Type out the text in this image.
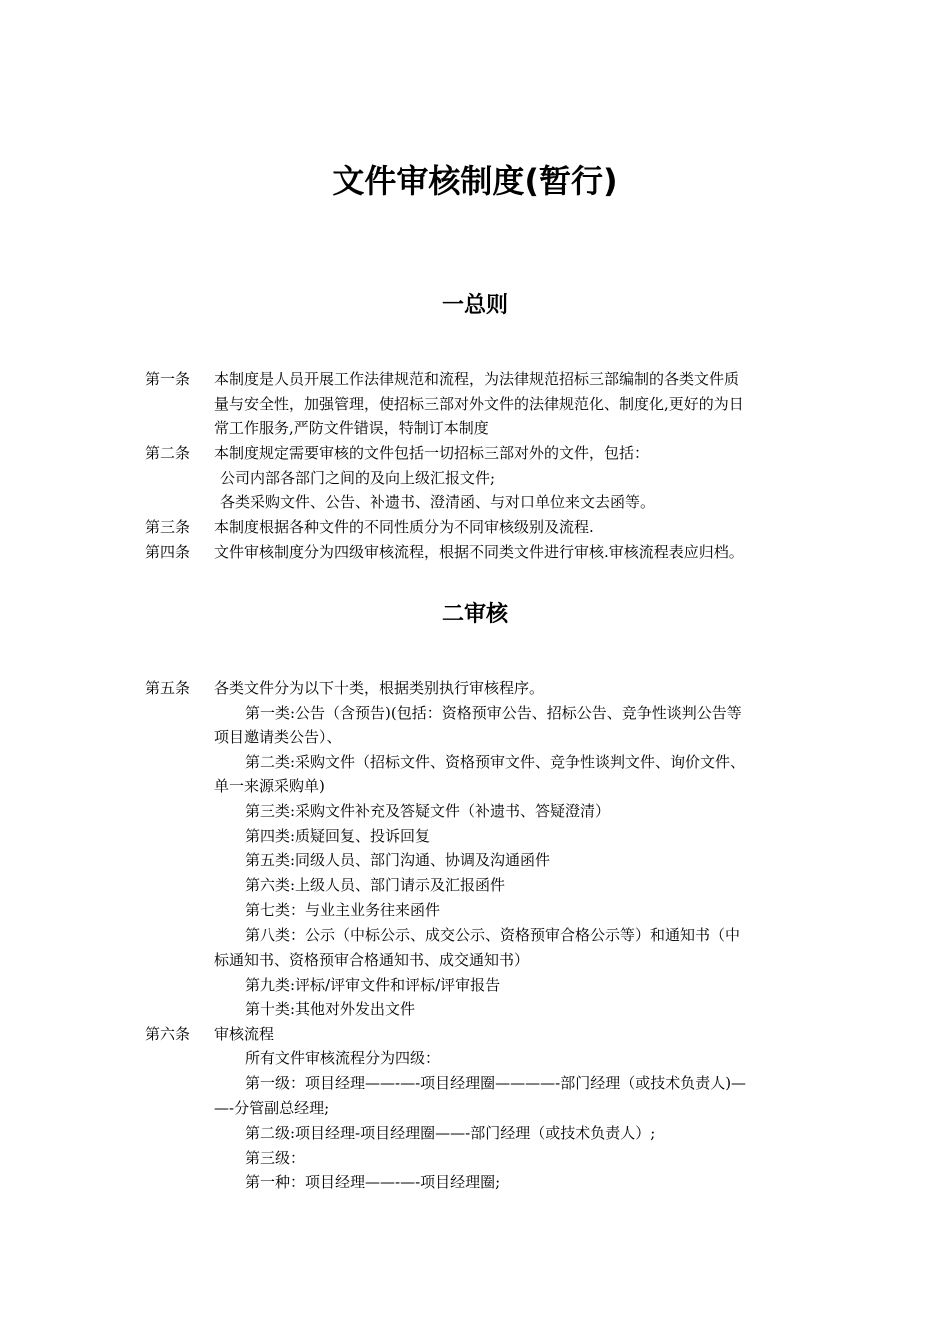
文件审核制度(暂行)
一总则
第一条 本制度是人员开展工作法律规范和流程，为法律规范招标三部编制的各类文件质
量与安全性，加强管理，使招标三部对外文件的法律规范化、制度化,更好的为日
常工作服务,严防文件错误，特制订本制度
第二条 本制度规定需要审核的文件包括一切招标三部对外的文件，包括：
公司内部各部门之间的及向上级汇报文件;
各类采购文件、公告、补遗书、澄清函、与对口单位来文去函等。
第三条 本制度根据各种文件的不同性质分为不同审核级别及流程.
第四条 文件审核制度分为四级审核流程，根据不同类文件进行审核.审核流程表应归档。
二审核
第五条 各类文件分为以下十类，根据类别执行审核程序。
第一类:公告（含预告)(包括：资格预审公告、招标公告、竞争性谈判公告等
项目邀请类公告）、
第二类:采购文件（招标文件、资格预审文件、竞争性谈判文件、询价文件、
单一来源采购单)
第三类:采购文件补充及答疑文件（补遗书、答疑澄清）
第四类:质疑回复、投诉回复
第五类:同级人员、部门沟通、协调及沟通函件
第六类:上级人员、部门请示及汇报函件
第七类：与业主业务往来函件
第八类：公示（中标公示、成交公示、资格预审合格公示等）和通知书（中
标通知书、资格预审合格通知书、成交通知书）
第九类:评标/评审文件和评标/评审报告
第十类:其他对外发出文件
第六条 审核流程
所有文件审核流程分为四级：
第一级：项目经理——-—-项目经理圈————-部门经理（或技术负责人)—
—-分管副总经理;
第二级:项目经理-项目经理圈——-部门经理（或技术负责人）;
第三级：
第一种：项目经理——-—-项目经理圈;
